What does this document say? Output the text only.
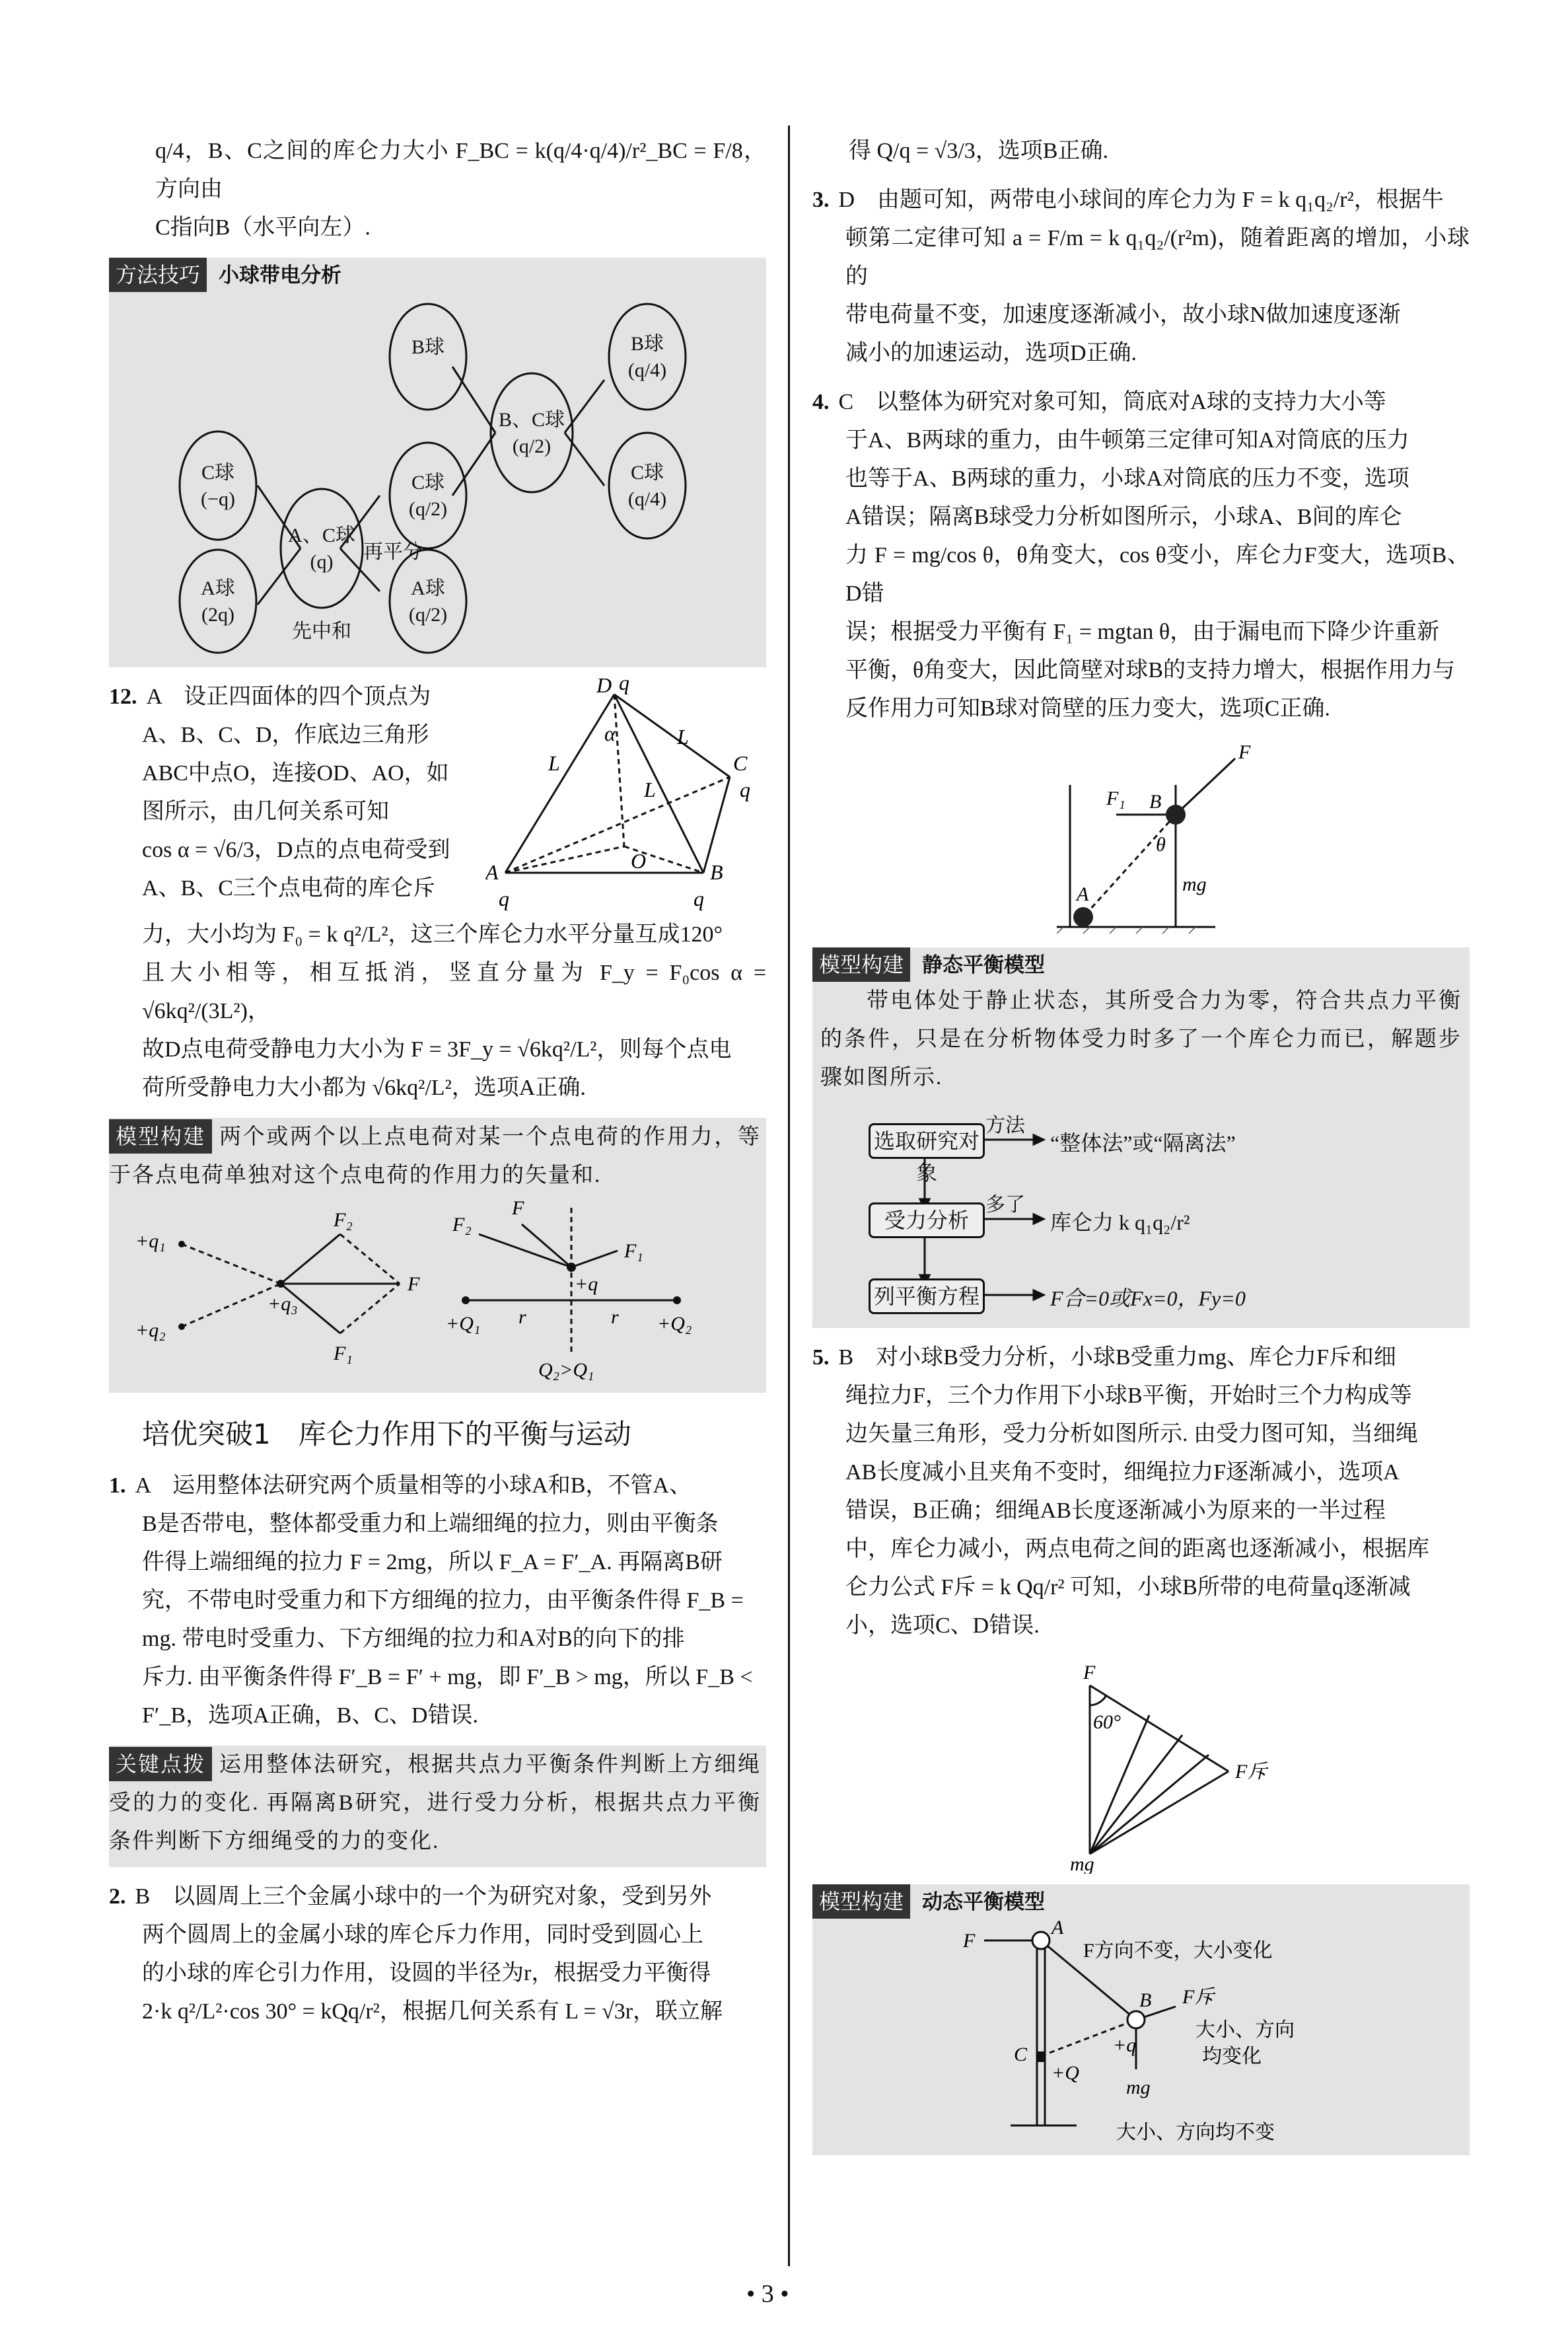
q/4，B、C之间的库仑力大小 F_BC = k(q/4·q/4)/r²_BC = F/8，方向由

C指向B（水平向左）.

方法技巧 小球带电分析
C球
(−q)
A球
(2q)
A、C球
(q)
C球
(q/2)
A球
(q/2)
B球
B、C球
(q/2)
B球
(q/4)
C球
(q/4)
先中和
再平分

12. A　设正四面体的四个顶点为

A、B、C、D，作底边三角形

ABC中点O，连接OD、AO，如

图所示，由几何关系可知

cos α = √6/3，D点的点电荷受到

A、B、C三个点电荷的库仑斥

D q
α
L
L
L
C
q
A
q
B
q
O

力，大小均为 F₀ = k q²/L²，这三个库仑力水平分量互成120°

且大小相等，相互抵消，竖直分量为 F_y = F₀cos α = √6kq²/(3L²)，

故D点电荷受静电力大小为 F = 3F_y = √6kq²/L²，则每个点电

荷所受静电力大小都为 √6kq²/L²，选项A正确.

模型构建 两个或两个以上点电荷对某一个点电荷的作用力，等于各点电荷单独对这个点电荷的作用力的矢量和.
+q₁
+q₂
+q₃
F
F₂
F₁
F
F₂
F₁
+q
+Q₁	+Q₂
r	r
Q₂>Q₁
培优突破1　库仑力作用下的平衡与运动

1. A　运用整体法研究两个质量相等的小球A和B，不管A、

B是否带电，整体都受重力和上端细绳的拉力，则由平衡条

件得上端细绳的拉力 F = 2mg，所以 F_A = F′_A. 再隔离B研

究，不带电时受重力和下方细绳的拉力，由平衡条件得 F_B =

mg. 带电时受重力、下方细绳的拉力和A对B的向下的排

斥力. 由平衡条件得 F′_B = F′ + mg，即 F′_B > mg，所以 F_B <

F′_B，选项A正确，B、C、D错误.

关键点拨 运用整体法研究，根据共点力平衡条件判断上方细绳受的力的变化. 再隔离B研究，进行受力分析，根据共点力平衡条件判断下方细绳受的力的变化.

2. B　以圆周上三个金属小球中的一个为研究对象，受到另外

两个圆周上的金属小球的库仑斥力作用，同时受到圆心上

的小球的库仑引力作用，设圆的半径为r，根据受力平衡得

2·k q²/L²·cos 30° = kQq/r²，根据几何关系有 L = √3r，联立解

得 Q/q = √3/3，选项B正确.

3. D　由题可知，两带电小球间的库仑力为 F = k q₁q₂/r²，根据牛

顿第二定律可知 a = F/m = k q₁q₂/(r²m)，随着距离的增加，小球的

带电荷量不变，加速度逐渐减小，故小球N做加速度逐渐

减小的加速运动，选项D正确.

4. C　以整体为研究对象可知，筒底对A球的支持力大小等

于A、B两球的重力，由牛顿第三定律可知A对筒底的压力

也等于A、B两球的重力，小球A对筒底的压力不变，选项

A错误；隔离B球受力分析如图所示，小球A、B间的库仑

力 F = mg/cos θ，θ角变大，cos θ变小，库仑力F变大，选项B、D错

误；根据受力平衡有 F₁ = mgtan θ，由于漏电而下降少许重新

平衡，θ角变大，因此筒壁对球B的支持力增大，根据作用力与

反作用力可知B球对筒壁的压力变大，选项C正确.

F
F₁ B
θ
A	mg
模型构建 静态平衡模型
带电体处于静止状态，其所受合力为零，符合共点力平衡的条件，只是在分析物体受力时多了一个库仑力而已，解题步骤如图所示.
选取研究对象
受力分析
列平衡方程
方法
多了
“整体法”或“隔离法”
库仑力 k q₁q₂/r²
F合=0或Fx=0，Fy=0

5. B　对小球B受力分析，小球B受重力mg、库仑力F斥和细

绳拉力F，三个力作用下小球B平衡，开始时三个力构成等

边矢量三角形，受力分析如图所示. 由受力图可知，当细绳

AB长度减小且夹角不变时，细绳拉力F逐渐减小，选项A

错误，B正确；细绳AB长度逐渐减小为原来的一半过程

中，库仑力减小，两点电荷之间的距离也逐渐减小，根据库

仑力公式 F斥 = k Qq/r² 可知，小球B所带的电荷量q逐渐减

小，选项C、D错误.

F
60°
F斥
mg
模型构建 动态平衡模型
F
A
B F斥
+q
C
+Q
mg
F方向不变，大小变化
大小、方向
均变化
大小、方向均不变
• 3 •
